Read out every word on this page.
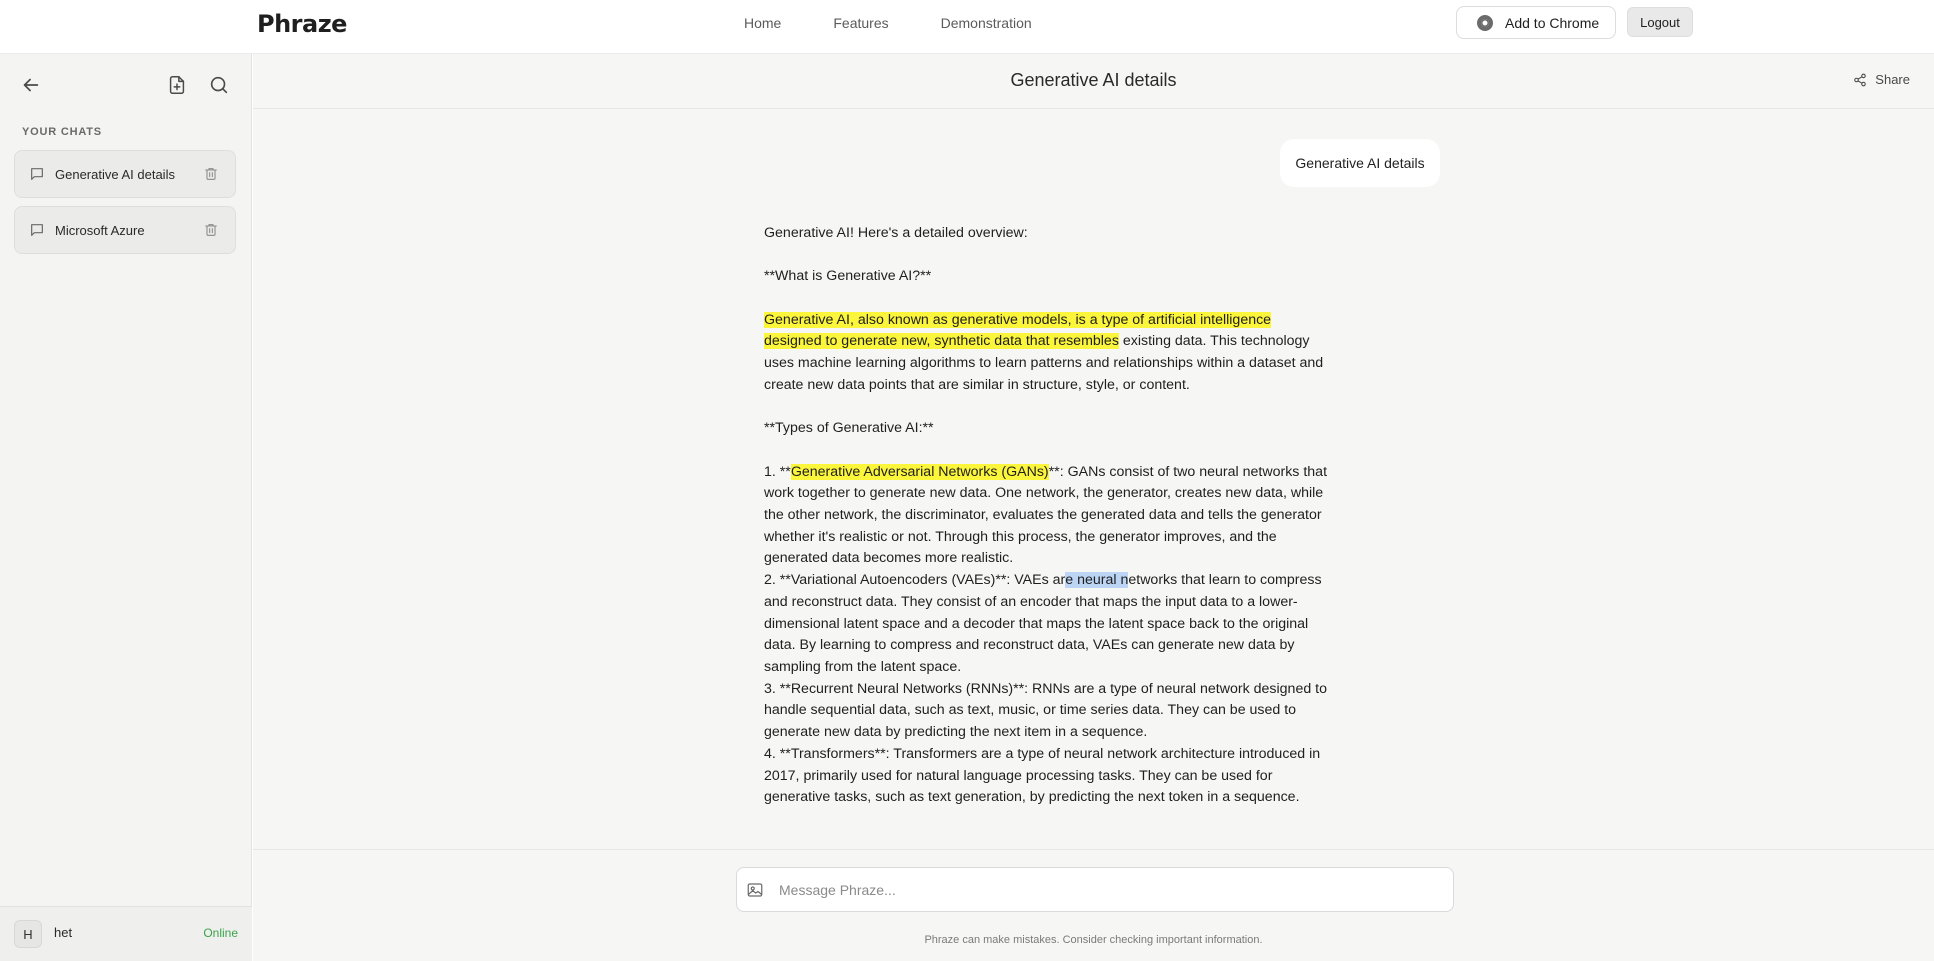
Phraze	Home	Features	Demonstration	Add to Chrome	Logout
YOUR CHATS
Generative AI details
Microsoft Azure
H	het	Online
Generative AI details	Share
Generative AI details

Generative AI! Here's a detailed overview:

**What is Generative AI?**

Generative AI, also known as generative models, is a type of artificial intelligence designed to generate new, synthetic data that resembles existing data. This technology uses machine learning algorithms to learn patterns and relationships within a dataset and create new data points that are similar in structure, style, or content.

**Types of Generative AI:**

1. **Generative Adversarial Networks (GANs)**: GANs consist of two neural networks that work together to generate new data. One network, the generator, creates new data, while the other network, the discriminator, evaluates the generated data and tells the generator whether it's realistic or not. Through this process, the generator improves, and the generated data becomes more realistic.

2. **Variational Autoencoders (VAEs)**: VAEs are neural networks that learn to compress and reconstruct data. They consist of an encoder that maps the input data to a lower-dimensional latent space and a decoder that maps the latent space back to the original data. By learning to compress and reconstruct data, VAEs can generate new data by sampling from the latent space.

3. **Recurrent Neural Networks (RNNs)**: RNNs are a type of neural network designed to handle sequential data, such as text, music, or time series data. They can be used to generate new data by predicting the next item in a sequence.

4. **Transformers**: Transformers are a type of neural network architecture introduced in 2017, primarily used for natural language processing tasks. They can be used for generative tasks, such as text generation, by predicting the next token in a sequence.

Message Phraze...
Phraze can make mistakes. Consider checking important information.
